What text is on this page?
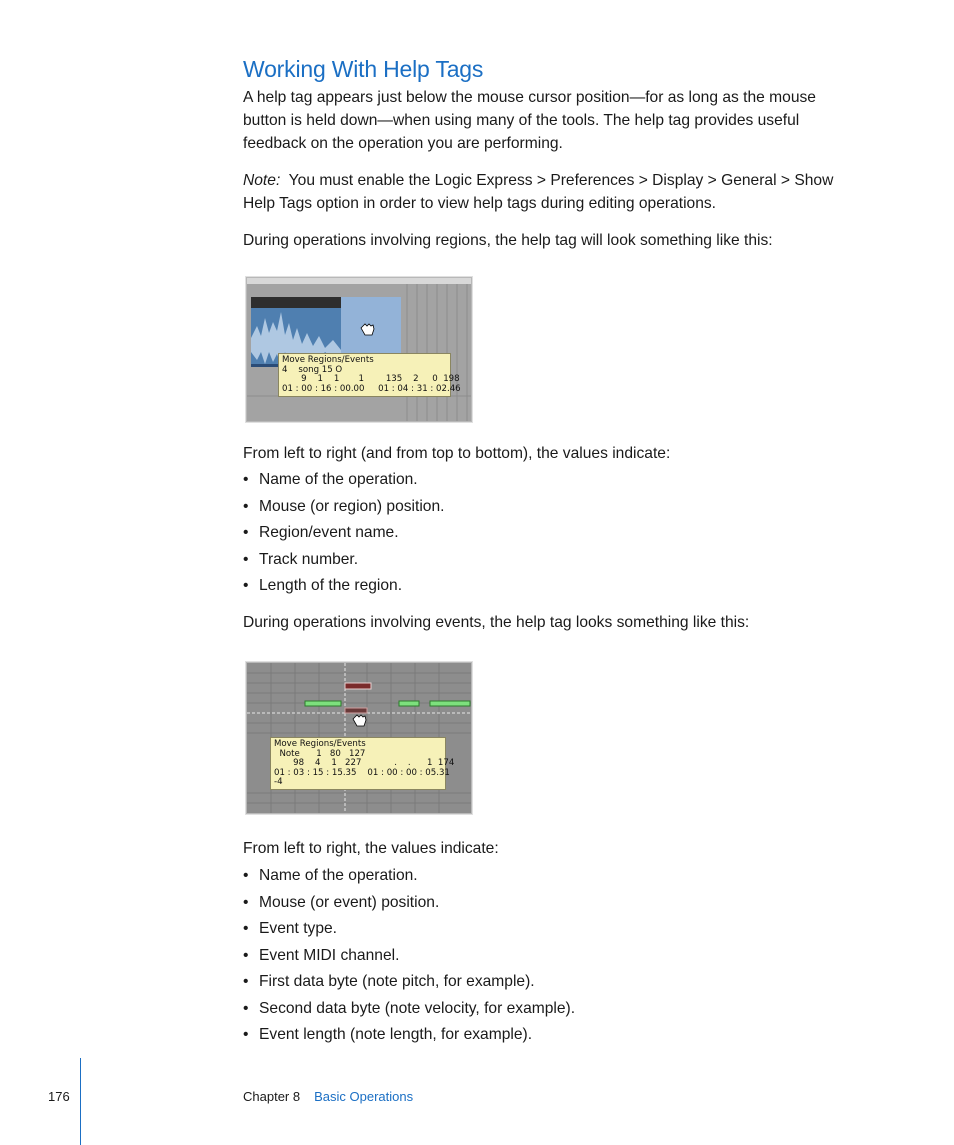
Working With Help Tags

A help tag appears just below the mouse cursor position—for as long as the mouse button is held down—when using many of the tools. The help tag provides useful feedback on the operation you are performing.

Note: You must enable the Logic Express > Preferences > Display > General > Show Help Tags option in order to view help tags during editing operations.

During operations involving regions, the help tag will look something like this:

Move Regions/Events
4    song 15 O
9    1    1       1        135    2     0  198
01 : 00 : 16 : 00.00     01 : 04 : 31 : 02.46

From left to right (and from top to bottom), the values indicate:

• Name of the operation.
• Mouse (or region) position.
• Region/event name.
• Track number.
• Length of the region.

During operations involving events, the help tag looks something like this:

Move Regions/Events
Note      1   80   127
98    4    1   227            .    .      1  174
01 : 03 : 15 : 15.35    01 : 00 : 00 : 05.31
-4

From left to right, the values indicate:

• Name of the operation.
• Mouse (or event) position.
• Event type.
• Event MIDI channel.
• First data byte (note pitch, for example).
• Second data byte (note velocity, for example).
• Event length (note length, for example).
176	Chapter 8 Basic Operations
